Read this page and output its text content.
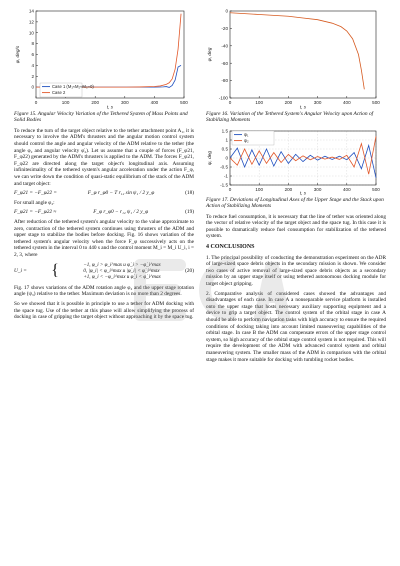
0	100	200	300	400	500
0
2
4
6
8
10
12
14
t, s
φ, deg/s
Case 1 (M₁≈M₂≈M₃=0)
Case 2
Figure 15. Angular Velocity Variation of the Tethered System of Mass Points and Solid Bodies

To reduce the turn of the target object relative to the tether attachment point A₁, it is necessary to involve the ADM's thrusters and the angular motion control system should control the angle and angular velocity of the ADM relative to the tether (the angle φ₂ and angular velocity φ̇₂). Let us assume that a couple of forces (F_φ21, F_φ22) generated by the ADM's thrusters is applied to the ADM. The forces F_φ21, F_φ22 are directed along the target object's longitudinal axis. Assuming infinitesimality of the tethered system's angular acceleration under the action F_φ, we can write down the condition of quasi-static equilibrium of the stack of the ADM and target object:

F_φ21 = −F_φ22 =	F_φ r_φ0 − T r₁₂ sin ψ₁ / 2 y_φ	(18)

For small angle φ₂:

F_φ21 = −F_φ22 ≈	F_φ r_φ0 − r₁₂ ψ₁ / 2 y_φ	(19)

After reduction of the tethered system's angular velocity to the value approximate to zero, contraction of the tethered system continues using thrusters of the ADM and upper stage to stabilize the bodies before docking. Fig. 16 shows variation of the tethered system's angular velocity when the force F_φ successively acts on the tethered system in the interval 0 to 440 s and the control moment M_i = M_i U_i, i = 2, 3, where

U_i = {	−1, φ_i > φ_i^max и φ̇_i > −φ̇_i^max
0, |φ_i| < φ_i^max и |φ̇_i| < φ̇_i^max
+1, φ_i < −φ_i^max и φ̇_i < φ̇_i^max
(20)

Fig. 17 shows variations of the ADM rotation angle φ₂ and the upper stage rotation angle (ψ₃) relative to the tether. Maximum deviation is no more than 2 degrees.

So we showed that it is possible in principle to use a tether for ADM docking with the space tug. Use of the tether at this phase will allow simplifying the process of docking in case of gripping the target object without approaching it by the space tug.

0	100	200	300	400	500
0
-20
-40
-60
-80
-100
t, s
φ, deg
Figure 16. Variation of the Tethered System's Angular Velocity upon Action of Stabilizing Moments
0	100	200	300	400	500
1.5
1
0.5
0
-0.5
-1
-1.5
t, s
ψ, deg
ψ₁
ψ₂
Figure 17. Deviations of Longitudinal Axes of the Upper Stage and the Stack upon Action of Stabilizing Moments

To reduce fuel consumption, it is necessary that the line of tether was oriented along the vector of relative velocity of the target object and the space tug. In this case it is possible to dramatically reduce fuel consumption for stabilization of the tethered system.

4 CONCLUSIONS

1. The principal possibility of conducting the demonstration experiment on the ADR of large-sized space debris objects in the secondary mission is shown. We consider two cases of active removal of large-sized space debris objects as a secondary mission by an upper stage itself or using tethered autonomous docking module for target object gripping.

2. Comparative analysis of considered cases showed the advantages and disadvantages of each case. In case A a nonseparable service platform is installed onto the upper stage that hosts necessary auxiliary supporting equipment and a device to grip a target object. The control system of the orbital stage in case A should be able to perform navigation tasks with high accuracy to ensure the required conditions of docking taking into account limited maneuvering capabilities of the orbital stage. In case B the ADM can compensate errors of the upper stage control system, so high accuracy of the orbital stage control system is not required. This will require the development of the ADM with advanced control system and orbital maneuvering system. The smaller mass of the ADM in comparison with the orbital stage makes it more suitable for docking with tumbling rocket bodies.
